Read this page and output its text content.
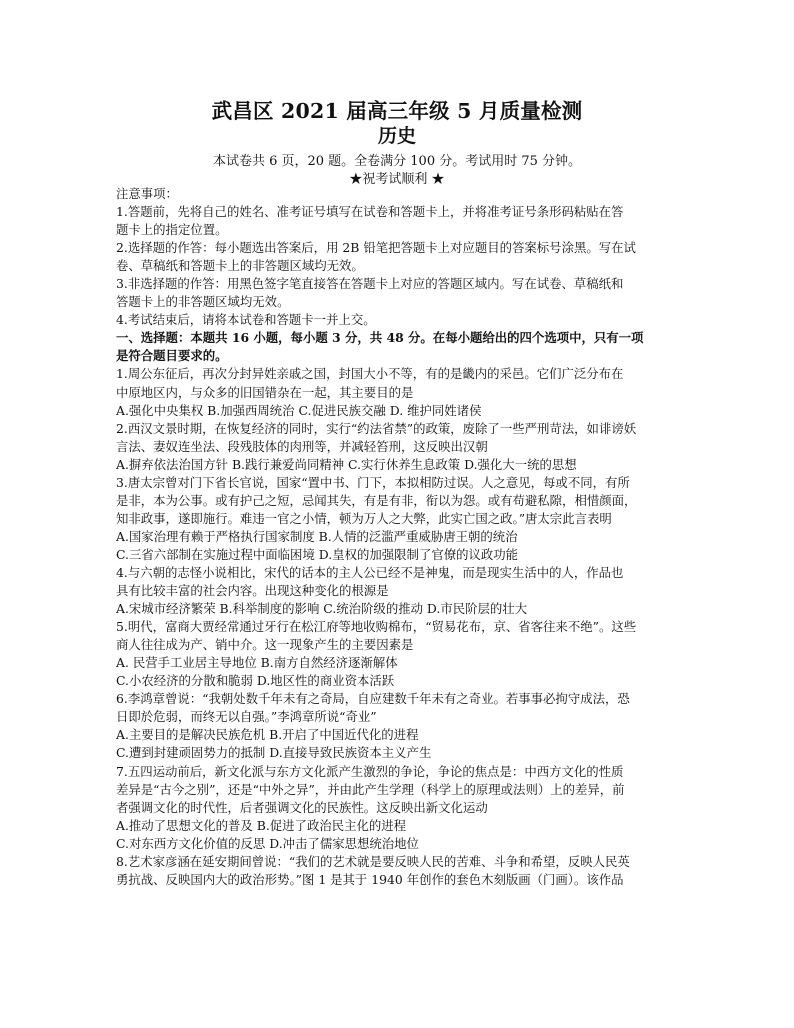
武昌区 2021 届高三年级 5 月质量检测
历史
本试卷共 6 页，20 题。全卷满分 100 分。考试用时 75 分钟。
★祝考试顺利 ★

注意事项：

1.答题前，先将自己的姓名、准考证号填写在试卷和答题卡上，并将准考证号条形码粘贴在答

题卡上的指定位置。

2.选择题的作答：每小题选出答案后，用 2B 铅笔把答题卡上对应题目的答案标号涂黑。写在试

卷、草稿纸和答题卡上的非答题区域均无效。

3.非选择题的作答：用黑色签字笔直接答在答题卡上对应的答题区域内。写在试卷、草稿纸和

答题卡上的非答题区域均无效。

4.考试结束后，请将本试卷和答题卡一并上交。

一、选择题：本题共 16 小题，每小题 3 分，共 48 分。在每小题给出的四个选项中，只有一项

是符合题目要求的。

1.周公东征后，再次分封异姓亲戚之国，封国大小不等，有的是畿内的采邑。它们广泛分布在

中原地区内，与众多的旧国错杂在一起，其主要目的是

A.强化中央集权 B.加强西周统治 C.促进民族交融 D. 维护同姓诸侯

2.西汉文景时期，在恢复经济的同时，实行“约法省禁”的政策，废除了一些严刑苛法，如诽谤妖

言法、妻奴连坐法、段残肢体的肉刑等，并减轻笞刑，这反映出汉朝

A.摒弃依法治国方针 B.践行兼爱尚同精神 C.实行休养生息政策 D.强化大一统的思想

3.唐太宗曾对门下省长官说，国家“置中书、门下，本拟相防过误。人之意见，每或不同，有所

是非，本为公事。或有护己之短，忌闻其失，有是有非，衔以为怨。或有苟避私隙，相惜颜面，

知非政事，遂即施行。难违一官之小情，顿为万人之大弊，此实亡国之政。”唐太宗此言表明

A.国家治理有赖于严格执行国家制度 B.人情的泛滥严重威胁唐王朝的统治

C.三省六部制在实施过程中面临困境 D.皇权的加强限制了官僚的议政功能

4.与六朝的志怪小说相比，宋代的话本的主人公已经不是神鬼，而是现实生活中的人，作品也

具有比较丰富的社会内容。出现这种变化的根源是

A.宋城市经济繁荣 B.科举制度的影响 C.统治阶级的推动 D.市民阶层的壮大

5.明代，富商大贾经常通过牙行在松江府等地收购棉布，“贸易花布，京、省客往来不绝”。这些

商人往往成为产、销中介。这一现象产生的主要因素是

A. 民营手工业居主导地位 B.南方自然经济逐渐解体

C.小农经济的分散和脆弱 D.地区性的商业资本活跃

6.李鸿章曾说：“我朝处数千年未有之奇局，自应建数千年未有之奇业。若事事必拘守成法，恐

日即於危弱，而终无以自强。”李鸿章所说“奇业”

A.主要目的是解决民族危机 B.开启了中国近代化的进程

C.遭到封建顽固势力的抵制 D.直接导致民族资本主义产生

7.五四运动前后，新文化派与东方文化派产生激烈的争论，争论的焦点是：中西方文化的性质

差异是“古今之别”，还是“中外之异”，并由此产生学理（科学上的原理或法则）上的差异，前

者强调文化的时代性，后者强调文化的民族性。这反映出新文化运动

A.推动了思想文化的普及 B.促进了政治民主化的进程

C.对东西方文化价值的反思 D.冲击了儒家思想统治地位

8.艺术家彦涵在延安期间曾说：“我们的艺术就是要反映人民的苦难、斗争和希望，反映人民英

勇抗战、反映国内大的政治形势。”图 1 是其于 1940 年创作的套色木刻版画（门画）。该作品
